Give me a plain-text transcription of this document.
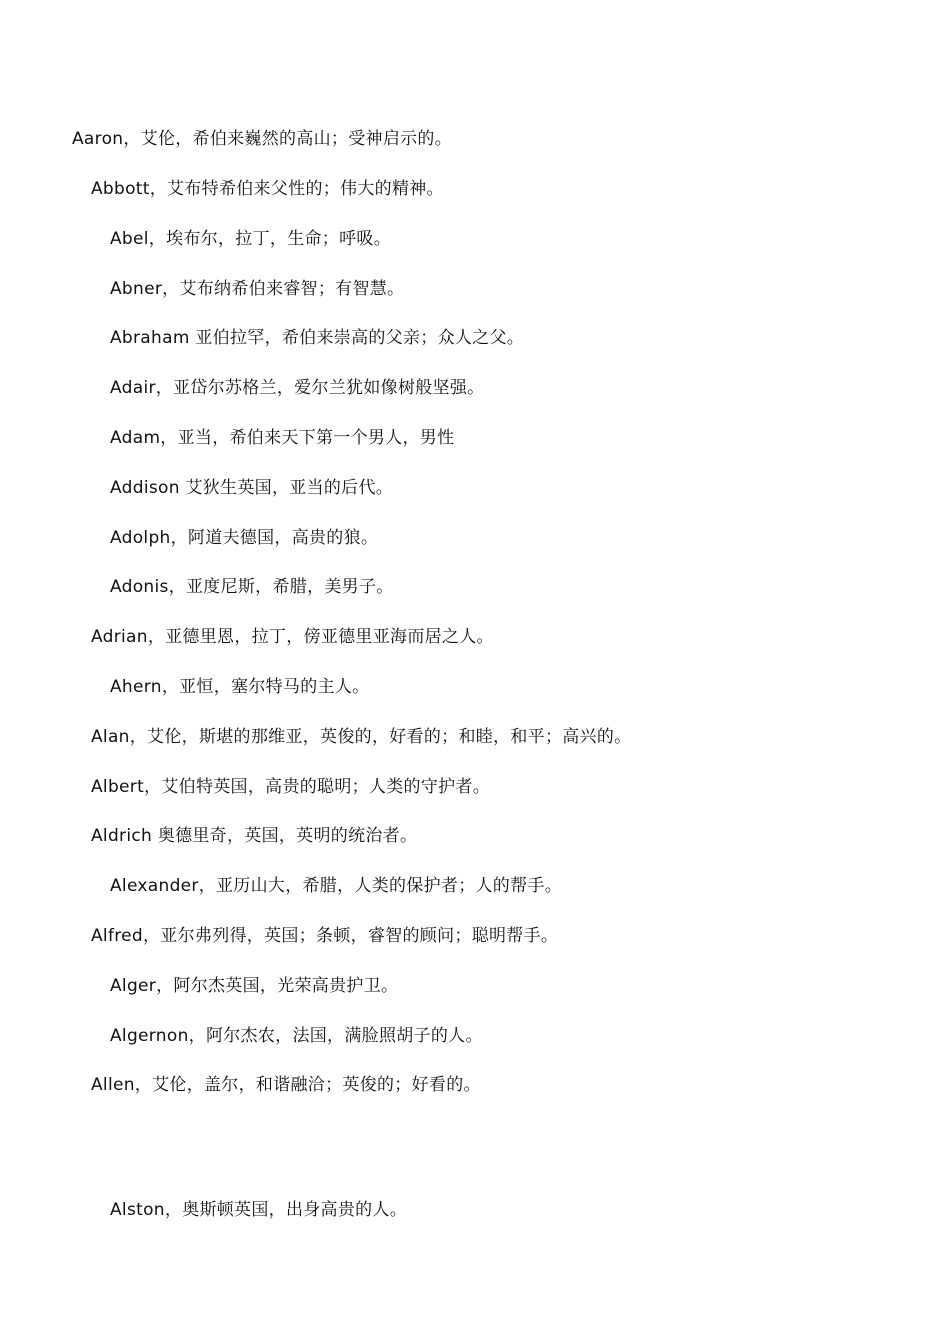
Aaron，艾伦，希伯来巍然的高山；受神启示的。
Abbott，艾布特希伯来父性的；伟大的精神。
Abel，埃布尔，拉丁，生命；呼吸。
Abner，艾布纳希伯来睿智；有智慧。
Abraham 亚伯拉罕，希伯来崇高的父亲；众人之父。
Adair，亚岱尔苏格兰，爱尔兰犹如像树般坚强。
Adam，亚当，希伯来天下第一个男人，男性
Addison 艾狄生英国，亚当的后代。
Adolph，阿道夫德国，高贵的狼。
Adonis，亚度尼斯，希腊，美男子。
Adrian，亚德里恩，拉丁，傍亚德里亚海而居之人。
Ahern，亚恒，塞尔特马的主人。
Alan，艾伦，斯堪的那维亚，英俊的，好看的；和睦，和平；高兴的。
Albert，艾伯特英国，高贵的聪明；人类的守护者。
Aldrich 奥德里奇，英国，英明的统治者。
Alexander，亚历山大，希腊，人类的保护者；人的帮手。
Alfred，亚尔弗列得，英国；条顿，睿智的顾问；聪明帮手。
Alger，阿尔杰英国，光荣高贵护卫。
Algernon，阿尔杰农，法国，满脸照胡子的人。
Allen，艾伦，盖尔，和谐融洽；英俊的；好看的。
Alston，奥斯顿英国，出身高贵的人。
